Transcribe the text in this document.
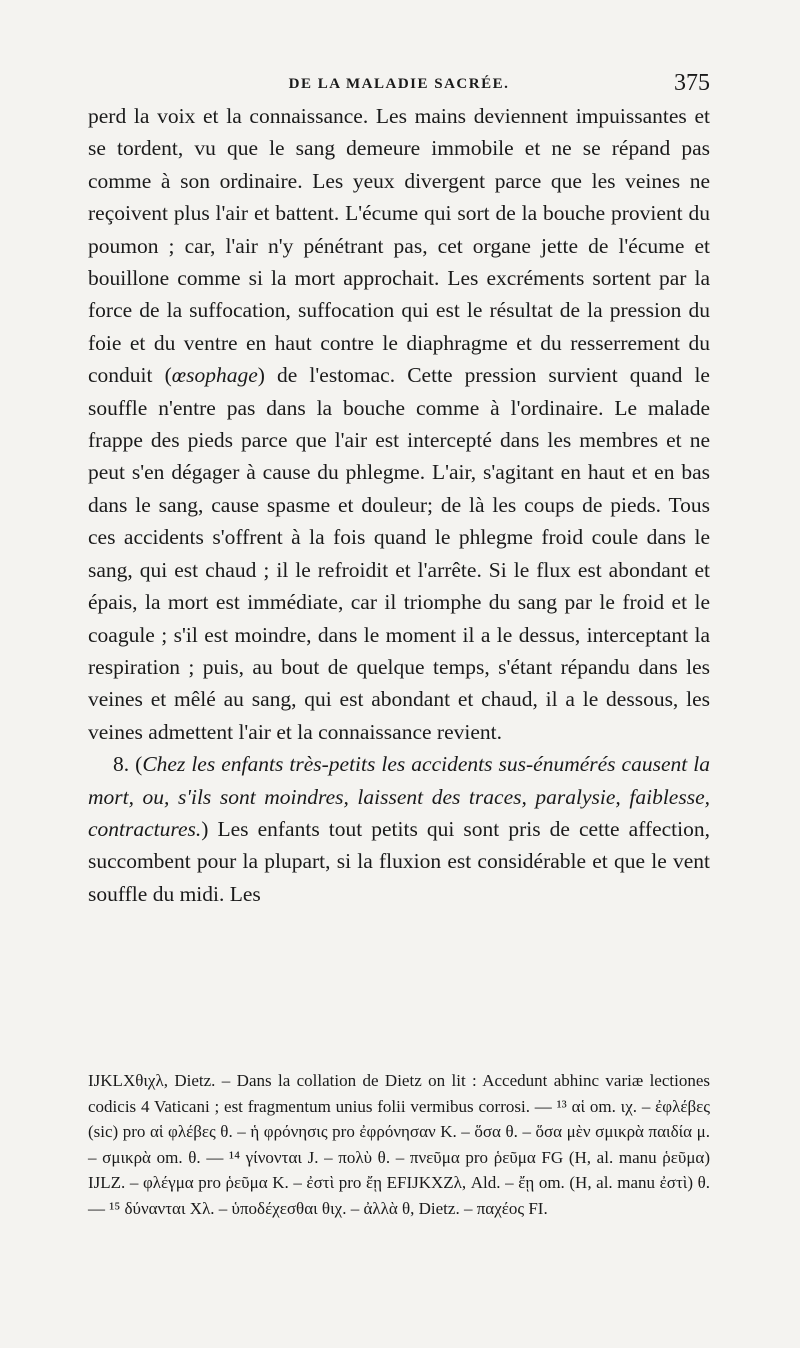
DE LA MALADIE SACRÉE.	375

perd la voix et la connaissance. Les mains deviennent impuissantes et se tordent, vu que le sang demeure immobile et ne se répand pas comme à son ordinaire. Les yeux divergent parce que les veines ne reçoivent plus l'air et battent. L'écume qui sort de la bouche provient du poumon ; car, l'air n'y pénétrant pas, cet organe jette de l'écume et bouillone comme si la mort approchait. Les excréments sortent par la force de la suffocation, suffocation qui est le résultat de la pression du foie et du ventre en haut contre le diaphragme et du resserrement du conduit (œsophage) de l'estomac. Cette pression survient quand le souffle n'entre pas dans la bouche comme à l'ordinaire. Le malade frappe des pieds parce que l'air est intercepté dans les membres et ne peut s'en dégager à cause du phlegme. L'air, s'agitant en haut et en bas dans le sang, cause spasme et douleur; de là les coups de pieds. Tous ces accidents s'offrent à la fois quand le phlegme froid coule dans le sang, qui est chaud ; il le refroidit et l'arrête. Si le flux est abondant et épais, la mort est immédiate, car il triomphe du sang par le froid et le coagule ; s'il est moindre, dans le moment il a le dessus, interceptant la respiration ; puis, au bout de quelque temps, s'étant répandu dans les veines et mêlé au sang, qui est abondant et chaud, il a le dessous, les veines admettent l'air et la connaissance revient.

8. (Chez les enfants très-petits les accidents sus-énumérés causent la mort, ou, s'ils sont moindres, laissent des traces, paralysie, faiblesse, contractures.) Les enfants tout petits qui sont pris de cette affection, succombent pour la plupart, si la fluxion est considérable et que le vent souffle du midi. Les

IJKLXθιχλ, Dietz. – Dans la collation de Dietz on lit : Accedunt abhinc variæ lectiones codicis 4 Vaticani ; est fragmentum unius folii vermibus corrosi. — ¹³ αἱ om. ιχ. – ἐφλέβες (sic) pro αἱ φλέβες θ. – ἡ φρόνησις pro ἐφρόνησαν K. – ὅσα θ. – ὅσα μὲν σμικρὰ παιδία μ. – σμικρὰ om. θ. — ¹⁴ γίνονται J. – πολὺ θ. – πνεῦμα pro ῥεῦμα FG (H, al. manu ῥεῦμα) IJLZ. – φλέγμα pro ῥεῦμα K. – ἐστὶ pro ἔῃ EFIJKXZλ, Ald. – ἔῃ om. (H, al. manu ἐστὶ) θ. — ¹⁵ δύνανται Xλ. – ὑποδέχεσθαι θιχ. – ἀλλὰ θ, Dietz. – παχέος FI.
